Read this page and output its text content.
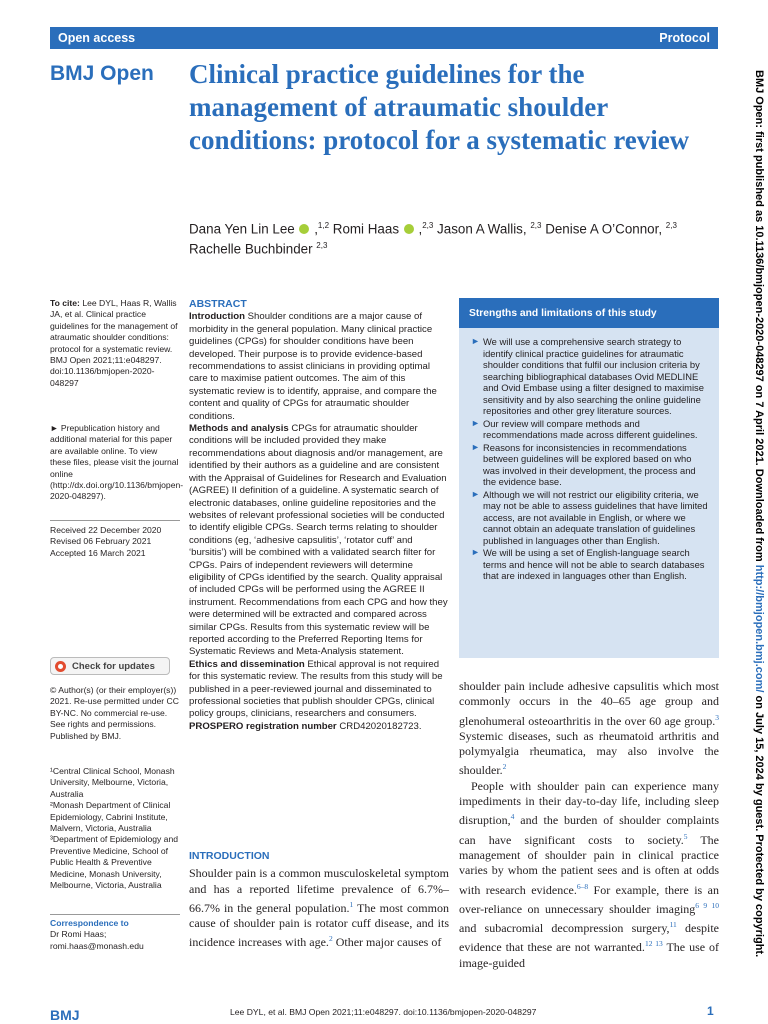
Open access	Protocol
BMJ Open Clinical practice guidelines for the management of atraumatic shoulder conditions: protocol for a systematic review
Dana Yen Lin Lee  ,$^{1,2}$ Romi Haas  ,$^{2,3}$ Jason A Wallis, $^{2,3}$ Denise A O’Connor, $^{2,3}$ Rachelle Buchbinder $^{2,3}$	BMJ Open: first published as 10.1136/bmjopen-2020-048297 on 7 April 2021. Downloaded from http://bmjopen.bmj.com/ on July 15, 2024 by guest. Protected by copyright.

To cite: Lee DYL, Haas R, Wallis JA, et al. Clinical practice guidelines for the management of atraumatic shoulder conditions: protocol for a systematic review. BMJ Open 2021;11:e048297. doi:10.1136/bmjopen-2020-048297

► Prepublication history and additional material for this paper are available online. To view these files, please visit the journal online (http://dx.doi.org/10.1136/bmjopen-2020-048297).

Received 22 December 2020

Revised 06 February 2021

Accepted 16 March 2021

Check for updates

© Author(s) (or their employer(s)) 2021. Re-use permitted under CC BY-NC. No commercial re-use. See rights and permissions. Published by BMJ.

¹Central Clinical School, Monash University, Melbourne, Victoria, Australia

²Monash Department of Clinical Epidemiology, Cabrini Institute, Malvern, Victoria, Australia

³Department of Epidemiology and Preventive Medicine, School of Public Health & Preventive Medicine, Monash University, Melbourne, Victoria, Australia

Correspondence to

Dr Romi Haas;

romi.haas@monash.edu

ABSTRACT

Introduction Shoulder conditions are a major cause of morbidity in the general population. Many clinical practice guidelines (CPGs) for shoulder conditions have been developed. Their purpose is to provide evidence-based recommendations to assist clinicians in providing optimal care to maximise patient outcomes. The aim of this systematic review is to identify, appraise, and compare the content and quality of CPGs for atraumatic shoulder conditions.

Methods and analysis CPGs for atraumatic shoulder conditions will be included provided they make recommendations about diagnosis and/or management, are identified by their authors as a guideline and are consistent with the Appraisal of Guidelines for Research and Evaluation (AGREE) II definition of a guideline. A systematic search of electronic databases, online guideline repositories and the websites of relevant professional societies will be conducted to identify eligible CPGs. Search terms relating to shoulder conditions (eg, ‘adhesive capsulitis’, ‘rotator cuff’ and ‘bursitis’) will be combined with a validated search filter for CPGs. Pairs of independent reviewers will determine eligibility of CPGs identified by the search. Quality appraisal of included CPGs will be performed using the AGREE II instrument. Recommendations from each CPG and how they were determined will be extracted and compared across similar CPGs. Results from this systematic review will be reported according to the Preferred Reporting Items for Systematic Reviews and Meta-Analysis statement.

Ethics and dissemination Ethical approval is not required for this systematic review. The results from this study will be published in a peer-reviewed journal and disseminated to professional societies that publish shoulder CPGs, clinical policy groups, clinicians, researchers and consumers.

PROSPERO registration number CRD42020182723.

Strengths and limitations of this study
► We will use a comprehensive search strategy to identify clinical practice guidelines for atraumatic shoulder conditions that fulfil our inclusion criteria by searching bibliographical databases Ovid MEDLINE and Ovid Embase using a filter designed to maximise sensitivity and by also searching the online guideline repositories and other grey literature sources.
► Our review will compare methods and recommendations made across different guidelines.
► Reasons for inconsistencies in recommendations between guidelines will be explored based on who was involved in their development, the process and the evidence base.
► Although we will not restrict our eligibility criteria, we may not be able to assess guidelines that have limited access, are not available in English, or where we cannot obtain an adequate translation of guidelines published in languages other than English.
► We will be using a set of English-language search terms and hence will not be able to search databases that are indexed in languages other than English.
INTRODUCTION

Shoulder pain is a common musculoskeletal symptom and has a reported lifetime prevalence of 6.7%–66.7% in the general population.$^1$ The most common cause of shoulder pain is rotator cuff disease, and its incidence increases with age.$^2$ Other major causes of

shoulder pain include adhesive capsulitis which most commonly occurs in the 40–65 age group and glenohumeral osteoarthritis in the over 60 age group.$^3$ Systemic diseases, such as rheumatoid arthritis and polymyalgia rheumatica, may also involve the shoulder.$^2$

People with shoulder pain can experience many impediments in their day-to-day life, including sleep disruption,$^4$ and the burden of shoulder complaints can have significant costs to society.$^5$ The management of shoulder pain in clinical practice varies by whom the patient sees and is often at odds with research evidence.$^{6-8}$ For example, there is an over-reliance on unnecessary shoulder imaging$^{6 9 10}$ and subacromial decompression surgery,$^{11}$ despite evidence that these are not warranted.$^{12 13}$ The use of image-guided

BMJ	Lee DYL, et al. BMJ Open 2021;11:e048297. doi:10.1136/bmjopen-2020-048297	1
